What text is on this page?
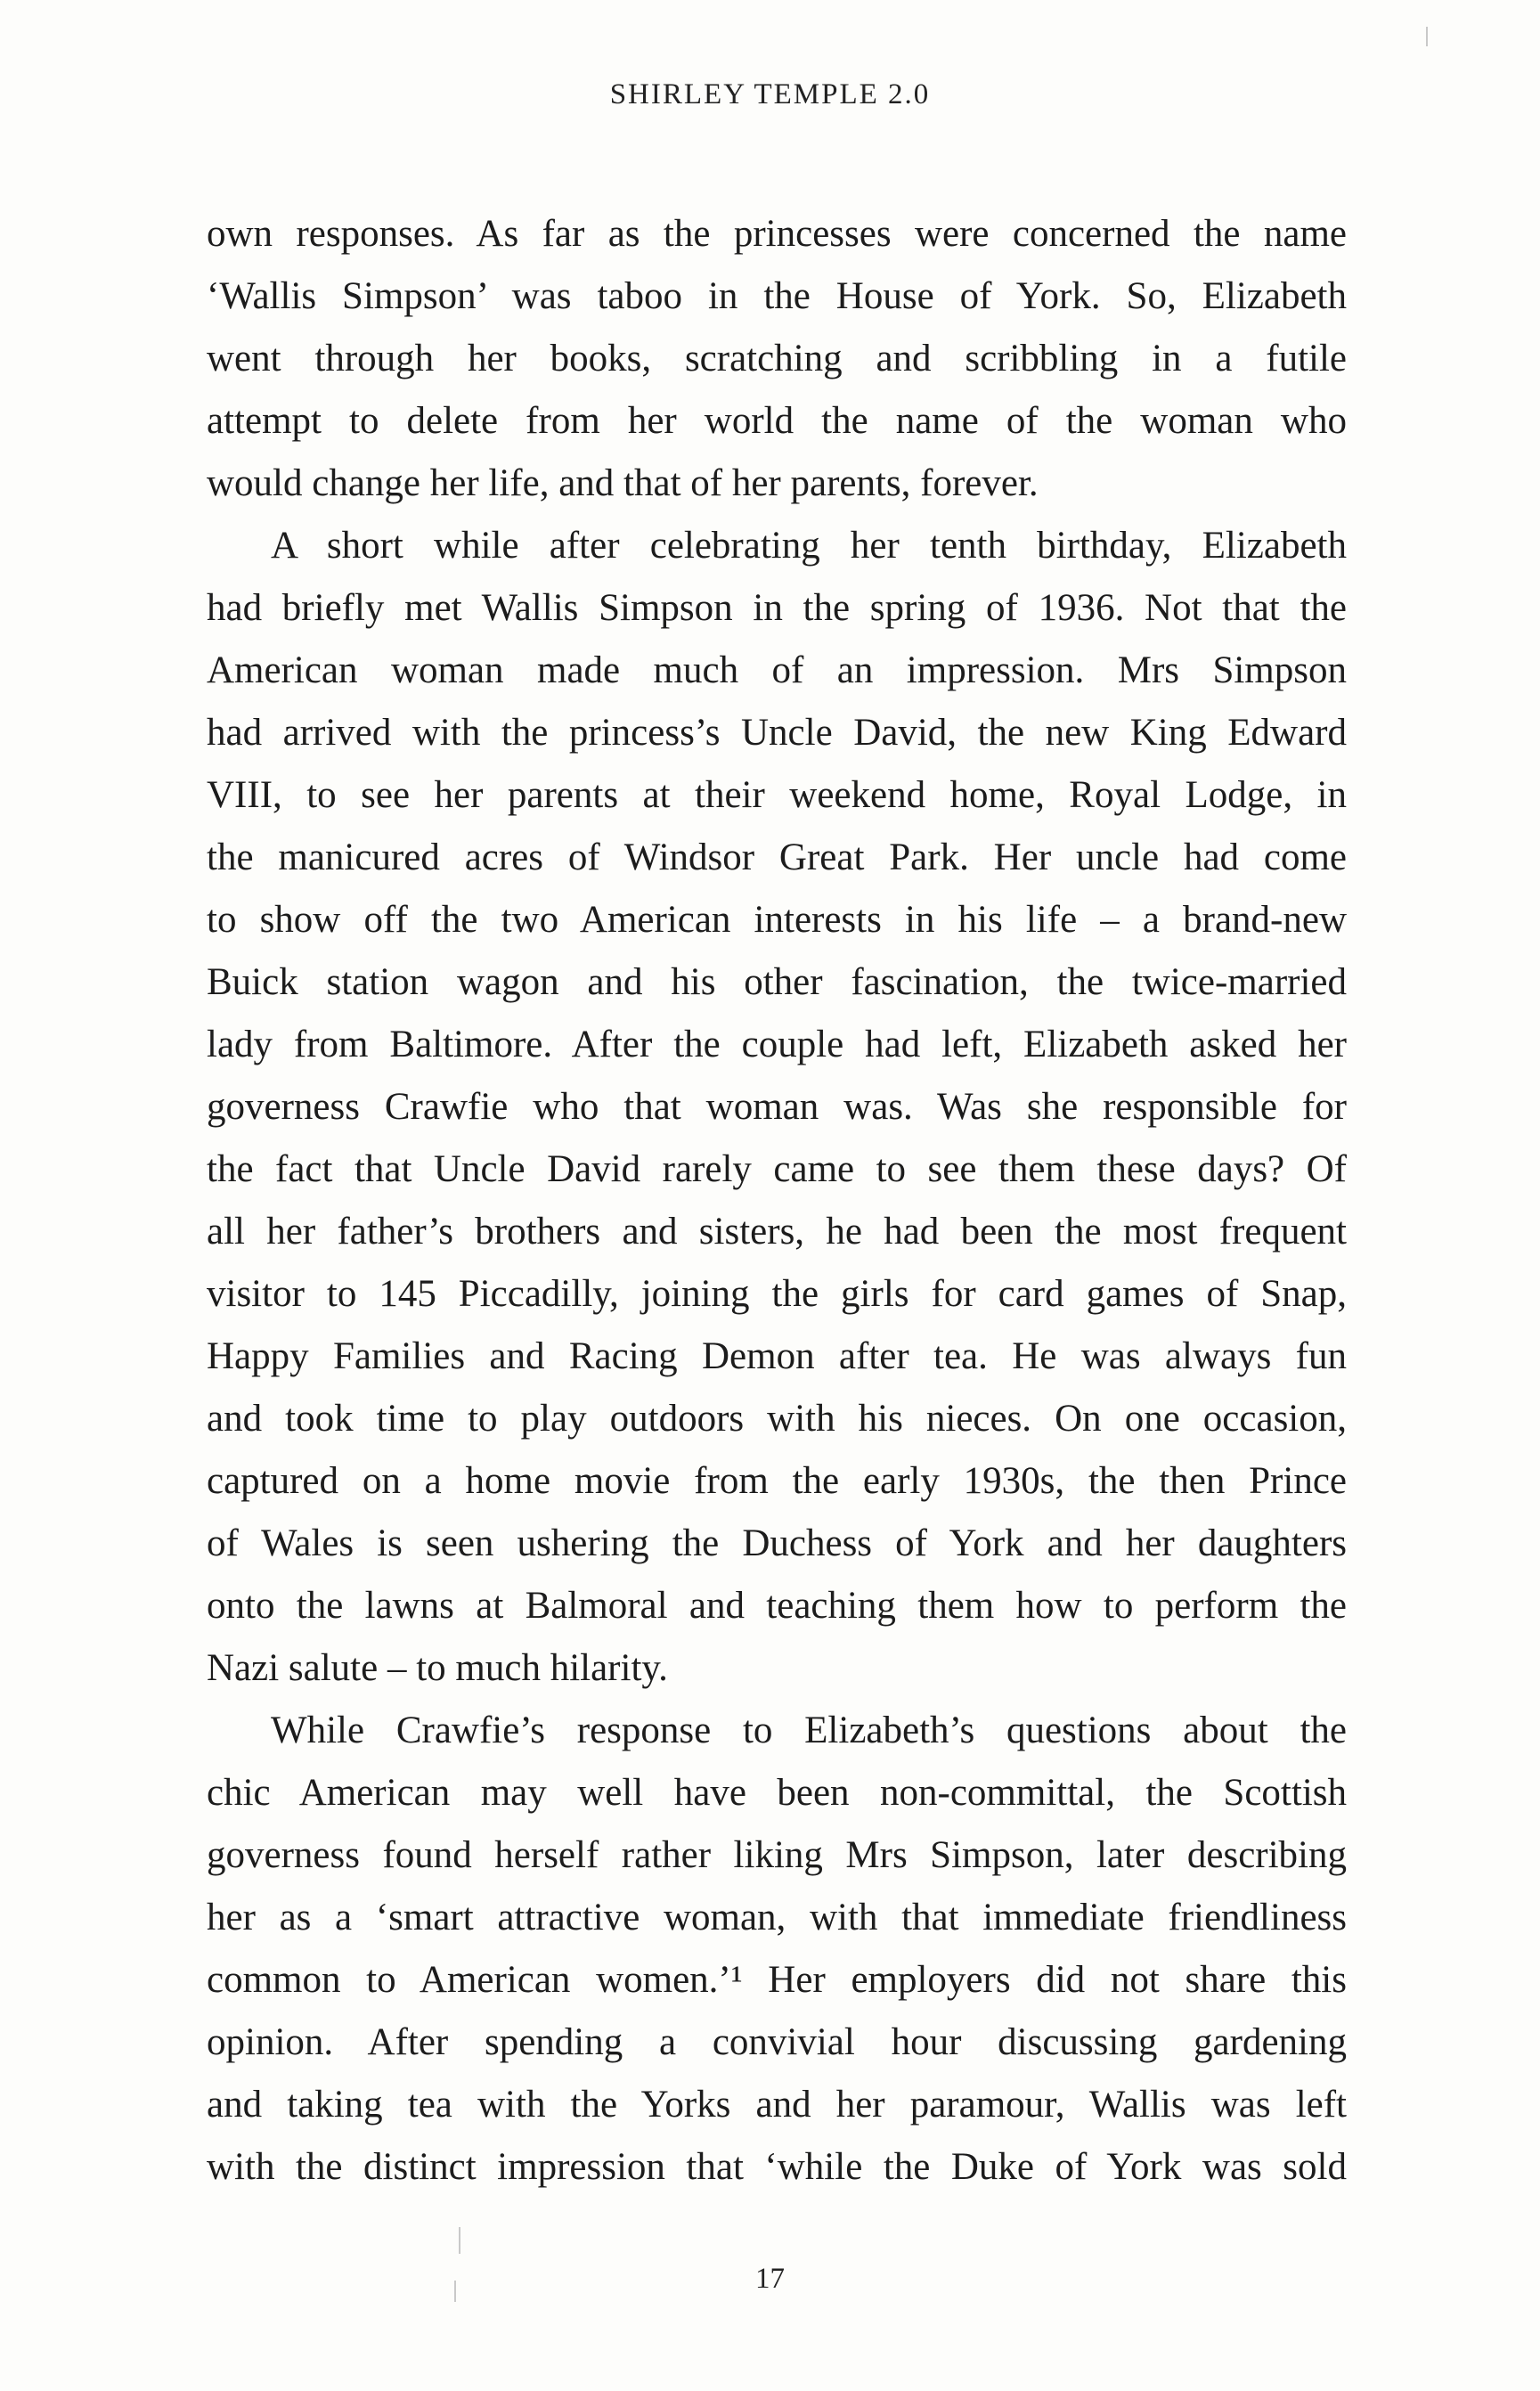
SHIRLEY TEMPLE 2.0
own responses. As far as the princesses were concerned the name
‘Wallis Simpson’ was taboo in the House of York. So, Elizabeth
went through her books, scratching and scribbling in a futile
attempt to delete from her world the name of the woman who
would change her life, and that of her parents, forever.
A short while after celebrating her tenth birthday, Elizabeth
had briefly met Wallis Simpson in the spring of 1936. Not that the
American woman made much of an impression. Mrs Simpson
had arrived with the princess’s Uncle David, the new King Edward
VIII, to see her parents at their weekend home, Royal Lodge, in
the manicured acres of Windsor Great Park. Her uncle had come
to show off the two American interests in his life – a brand-new
Buick station wagon and his other fascination, the twice-married
lady from Baltimore. After the couple had left, Elizabeth asked her
governess Crawfie who that woman was. Was she responsible for
the fact that Uncle David rarely came to see them these days? Of
all her father’s brothers and sisters, he had been the most frequent
visitor to 145 Piccadilly, joining the girls for card games of Snap,
Happy Families and Racing Demon after tea. He was always fun
and took time to play outdoors with his nieces. On one occasion,
captured on a home movie from the early 1930s, the then Prince
of Wales is seen ushering the Duchess of York and her daughters
onto the lawns at Balmoral and teaching them how to perform the
Nazi salute – to much hilarity.
While Crawfie’s response to Elizabeth’s questions about the
chic American may well have been non-committal, the Scottish
governess found herself rather liking Mrs Simpson, later describing
her as a ‘smart attractive woman, with that immediate friendliness
common to American women.’¹ Her employers did not share this
opinion. After spending a convivial hour discussing gardening
and taking tea with the Yorks and her paramour, Wallis was left
with the distinct impression that ‘while the Duke of York was sold
17
